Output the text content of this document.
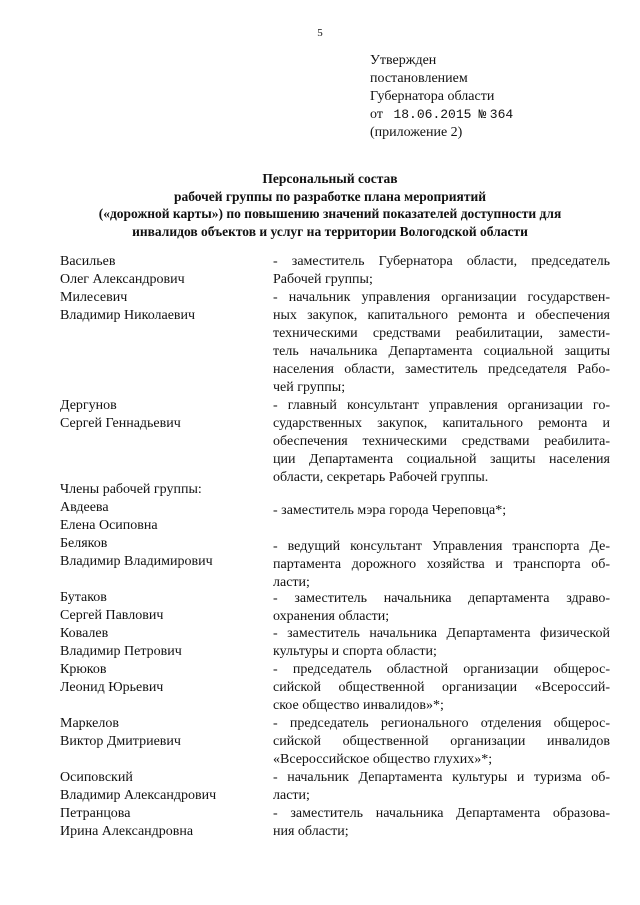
5
Утвержден
постановлением
Губернатора области
от 18.06.2015 № 364
(приложение 2)
Персональный состав
рабочей группы по разработке плана мероприятий
(«дорожной карты») по повышению значений показателей доступности для
инвалидов объектов и услуг на территории Вологодской области
Васильев
Олег Александрович
- заместитель Губернатора области, председатель
Рабочей группы;
Милесевич
Владимир Николаевич
- начальник управления организации государствен-
ных закупок, капитального ремонта и обеспечения
техническими средствами реабилитации, замести-
тель начальника Департамента социальной защиты
населения области, заместитель председателя Рабо-
чей группы;
Дергунов
Сергей Геннадьевич
- главный консультант управления организации го-
сударственных закупок, капитального ремонта и
обеспечения техническими средствами реабилита-
ции Департамента социальной защиты населения
области, секретарь Рабочей группы.
Члены рабочей группы:
Авдеева
Елена Осиповна
- заместитель мэра города Череповца*;
Беляков
Владимир Владимирович
- ведущий консультант Управления транспорта Де-
партамента дорожного хозяйства и транспорта об-
ласти;
Бутаков
Сергей Павлович
- заместитель начальника департамента здраво-
охранения области;
Ковалев
Владимир Петрович
- заместитель начальника Департамента физической
культуры и спорта области;
Крюков
Леонид Юрьевич
- председатель областной организации общерос-
сийской общественной организации «Всероссий-
ское общество инвалидов»*;
Маркелов
Виктор Дмитриевич
- председатель регионального отделения общерос-
сийской общественной организации инвалидов
«Всероссийское общество глухих»*;
Осиповский
Владимир Александрович
- начальник Департамента культуры и туризма об-
ласти;
Петранцова
Ирина Александровна
- заместитель начальника Департамента образова-
ния области;
